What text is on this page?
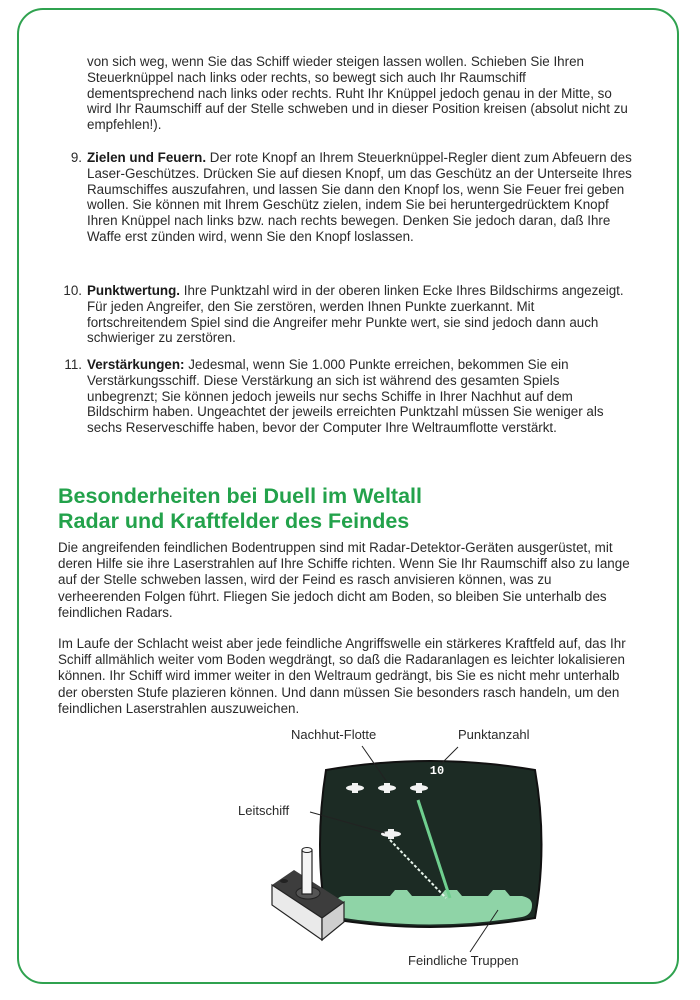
von sich weg, wenn Sie das Schiff wieder steigen lassen wollen. Schieben Sie Ihren Steuerknüppel nach links oder rechts, so bewegt sich auch Ihr Raumschiff dementsprechend nach links oder rechts. Ruht Ihr Knüppel jedoch genau in der Mitte, so wird Ihr Raumschiff auf der Stelle schweben und in dieser Position kreisen (absolut nicht zu empfehlen!).

9. Zielen und Feuern. Der rote Knopf an Ihrem Steuerknüppel-Regler dient zum Abfeuern des Laser-Geschützes. Drücken Sie auf diesen Knopf, um das Geschütz an der Unterseite Ihres Raumschiffes auszufahren, und lassen Sie dann den Knopf los, wenn Sie Feuer frei geben wollen. Sie können mit Ihrem Geschütz zielen, indem Sie bei heruntergedrücktem Knopf Ihren Knüppel nach links bzw. nach rechts bewegen. Denken Sie jedoch daran, daß Ihre Waffe erst zünden wird, wenn Sie den Knopf loslassen.
10. Punktwertung. Ihre Punktzahl wird in der oberen linken Ecke Ihres Bildschirms angezeigt. Für jeden Angreifer, den Sie zerstören, werden Ihnen Punkte zuerkannt. Mit fortschreitendem Spiel sind die Angreifer mehr Punkte wert, sie sind jedoch dann auch schwieriger zu zerstören.
11. Verstärkungen: Jedesmal, wenn Sie 1.000 Punkte erreichen, bekommen Sie ein Verstärkungsschiff. Diese Verstärkung an sich ist während des gesamten Spiels unbegrenzt; Sie können jedoch jeweils nur sechs Schiffe in Ihrer Nachhut auf dem Bildschirm haben. Ungeachtet der jeweils erreichten Punktzahl müssen Sie weniger als sechs Reserveschiffe haben, bevor der Computer Ihre Weltraumflotte verstärkt.
Besonderheiten bei Duell im Weltall
Radar und Kraftfelder des Feindes

Die angreifenden feindlichen Bodentruppen sind mit Radar-Detektor-Geräten ausgerüstet, mit deren Hilfe sie ihre Laserstrahlen auf Ihre Schiffe richten. Wenn Sie Ihr Raumschiff also zu lange auf der Stelle schweben lassen, wird der Feind es rasch anvisieren können, was zu verheerenden Folgen führt. Fliegen Sie jedoch dicht am Boden, so bleiben Sie unterhalb des feindlichen Radars.

Im Laufe der Schlacht weist aber jede feindliche Angriffswelle ein stärkeres Kraftfeld auf, das Ihr Schiff allmählich weiter vom Boden wegdrängt, so daß die Radaranlagen es leichter lokalisieren können. Ihr Schiff wird immer weiter in den Weltraum gedrängt, bis Sie es nicht mehr unterhalb der obersten Stufe plazieren können. Und dann müssen Sie besonders rasch handeln, um den feindlichen Laserstrahlen auszuweichen.

10
Nachhut-Flotte	Punktanzahl
Leitschiff
Feindliche Truppen
